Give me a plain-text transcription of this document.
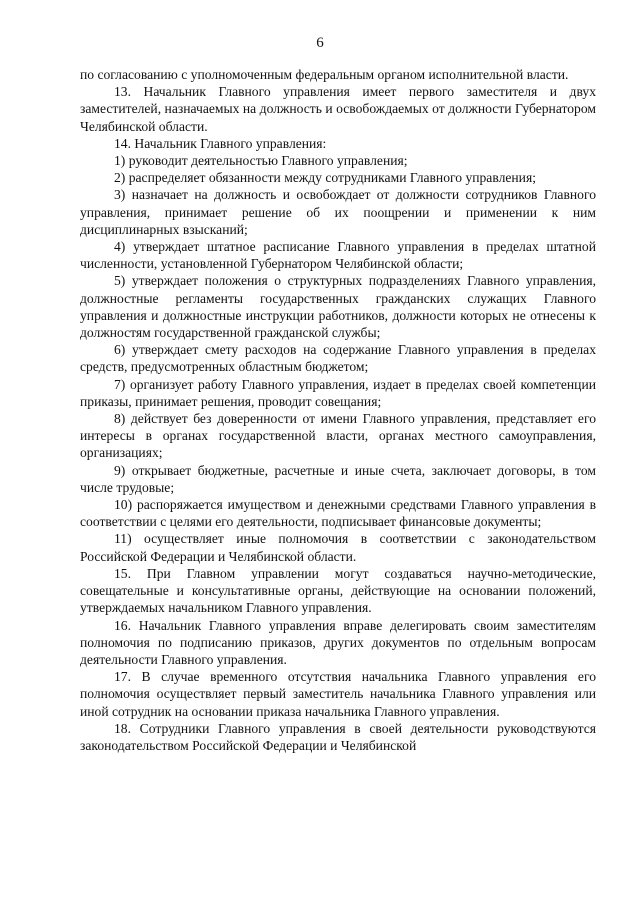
6

по согласованию с уполномоченным федеральным органом исполнительной власти.

13. Начальник Главного управления имеет первого заместителя и двух заместителей, назначаемых на должность и освобождаемых от должности Губернатором Челябинской области.

14. Начальник Главного управления:

1) руководит деятельностью Главного управления;

2) распределяет обязанности между сотрудниками Главного управления;

3) назначает на должность и освобождает от должности сотрудников Главного управления, принимает решение об их поощрении и применении к ним дисциплинарных взысканий;

4) утверждает штатное расписание Главного управления в пределах штатной численности, установленной Губернатором Челябинской области;

5) утверждает положения о структурных подразделениях Главного управления, должностные регламенты государственных гражданских служащих Главного управления и должностные инструкции работников, должности которых не отнесены к должностям государственной гражданской службы;

6) утверждает смету расходов на содержание Главного управления в пределах средств, предусмотренных областным бюджетом;

7) организует работу Главного управления, издает в пределах своей компетенции приказы, принимает решения, проводит совещания;

8) действует без доверенности от имени Главного управления, представляет его интересы в органах государственной власти, органах местного самоуправления, организациях;

9) открывает бюджетные, расчетные и иные счета, заключает договоры, в том числе трудовые;

10) распоряжается имуществом и денежными средствами Главного управления в соответствии с целями его деятельности, подписывает финансовые документы;

11) осуществляет иные полномочия в соответствии с законодательством Российской Федерации и Челябинской области.

15. При Главном управлении могут создаваться научно-методические, совещательные и консультативные органы, действующие на основании положений, утверждаемых начальником Главного управления.

16. Начальник Главного управления вправе делегировать своим заместителям полномочия по подписанию приказов, других документов по отдельным вопросам деятельности Главного управления.

17. В случае временного отсутствия начальника Главного управления его полномочия осуществляет первый заместитель начальника Главного управления или иной сотрудник на основании приказа начальника Главного управления.

18. Сотрудники Главного управления в своей деятельности руководствуются законодательством Российской Федерации и Челябинской
